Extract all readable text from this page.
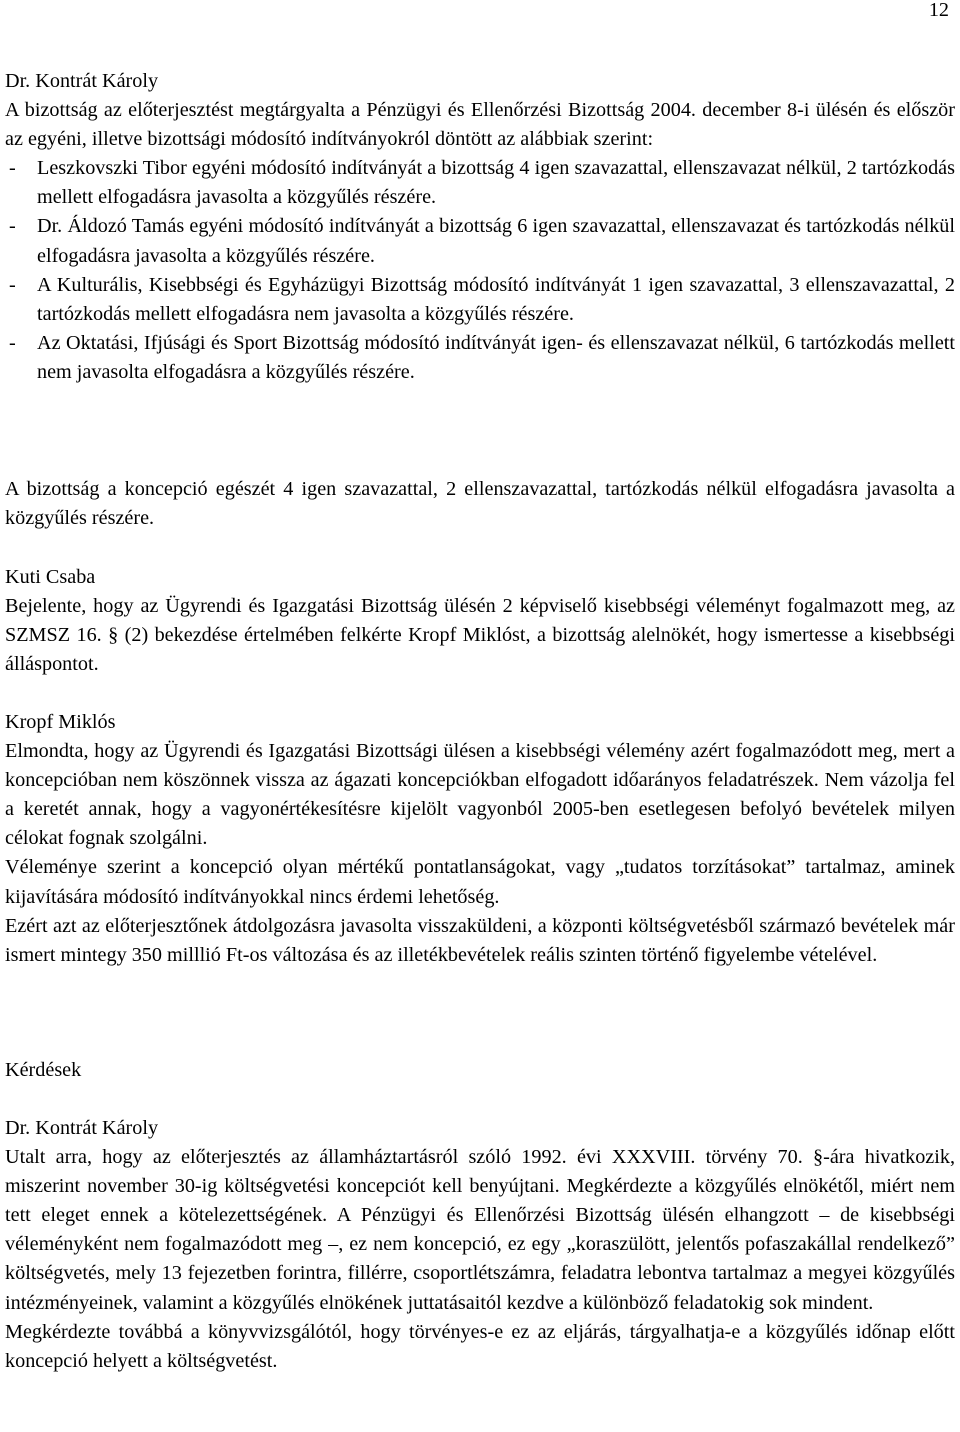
12

Dr. Kontrát Károly

A bizottság az előterjesztést megtárgyalta a Pénzügyi és Ellenőrzési Bizottság 2004. december 8-i ülésén és először az egyéni, illetve bizottsági módosító indítványokról döntött az alábbiak szerint:

-	Leszkovszki Tibor egyéni módosító indítványát a bizottság 4 igen szavazattal, ellenszavazat nélkül, 2 tartózkodás mellett elfogadásra javasolta a közgyűlés részére.
-	Dr. Áldozó Tamás egyéni módosító indítványát a bizottság 6 igen szavazattal, ellenszavazat és tartózkodás nélkül elfogadásra javasolta a közgyűlés részére.
-	A Kulturális, Kisebbségi és Egyházügyi Bizottság módosító indítványát 1 igen szavazattal, 3 ellenszavazattal, 2 tartózkodás mellett elfogadásra nem javasolta a közgyűlés részére.
-	Az Oktatási, Ifjúsági és Sport Bizottság módosító indítványát igen- és ellenszavazat nélkül, 6 tartózkodás mellett nem javasolta elfogadásra a közgyűlés részére.

A bizottság a koncepció egészét 4 igen szavazattal, 2 ellenszavazattal, tartózkodás nélkül elfogadásra javasolta a közgyűlés részére.

Kuti Csaba

Bejelente, hogy az Ügyrendi és Igazgatási Bizottság ülésén 2 képviselő kisebbségi véleményt fogalmazott meg, az SZMSZ 16. § (2) bekezdése értelmében felkérte Kropf Miklóst, a bizottság alelnökét, hogy ismertesse a kisebbségi álláspontot.

Kropf Miklós

Elmondta, hogy az Ügyrendi és Igazgatási Bizottsági ülésen a kisebbségi vélemény azért fogalmazódott meg, mert a koncepcióban nem köszönnek vissza az ágazati koncepciókban elfogadott időarányos feladatrészek. Nem vázolja fel a keretét annak, hogy a vagyonértékesítésre kijelölt vagyonból 2005-ben esetlegesen befolyó bevételek milyen célokat fognak szolgálni.

Véleménye szerint a koncepció olyan mértékű pontatlanságokat, vagy „tudatos torzításokat” tartalmaz, aminek kijavítására módosító indítványokkal nincs érdemi lehetőség.

Ezért azt az előterjesztőnek átdolgozásra javasolta visszaküldeni, a központi költségvetésből származó bevételek már ismert mintegy 350 milllió Ft-os változása és az illetékbevételek reális szinten történő figyelembe vételével.

Kérdések

Dr. Kontrát Károly

Utalt arra, hogy az előterjesztés az államháztartásról szóló 1992. évi XXXVIII. törvény 70. §-ára hivatkozik, miszerint november 30-ig költségvetési koncepciót kell benyújtani. Megkérdezte a közgyűlés elnökétől, miért nem tett eleget ennek a kötelezettségének. A Pénzügyi és Ellenőrzési Bizottság ülésén elhangzott – de kisebbségi véleményként nem fogalmazódott meg –, ez nem koncepció, ez egy „koraszülött, jelentős pofaszakállal rendelkező” költségvetés, mely 13 fejezetben forintra, fillérre, csoportlétszámra, feladatra lebontva tartalmaz a megyei közgyűlés intézményeinek, valamint a közgyűlés elnökének juttatásaitól kezdve a különböző feladatokig sok mindent.

Megkérdezte továbbá a könyvvizsgálótól, hogy törvényes-e ez az eljárás, tárgyalhatja-e a közgyűlés időnap előtt koncepció helyett a költségvetést.
